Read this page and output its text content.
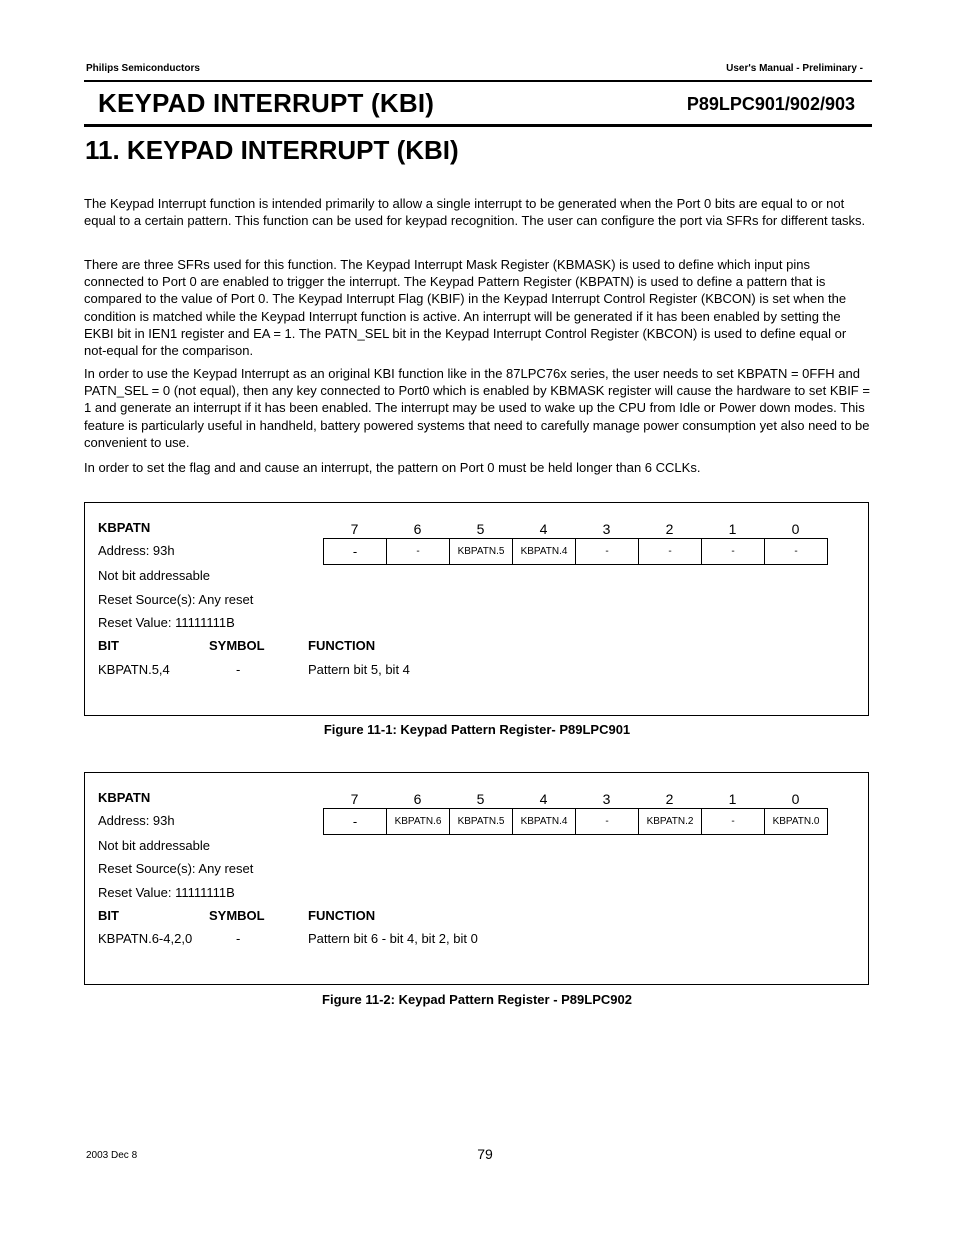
Philips Semiconductors	User's Manual - Preliminary -
KEYPAD INTERRUPT (KBI)	P89LPC901/902/903
11. KEYPAD INTERRUPT (KBI)

The Keypad Interrupt function is intended primarily to allow a single interrupt to be generated when the Port 0 bits are equal to or not equal to a certain pattern. This function can be used for keypad recognition. The user can configure the port via SFRs for different tasks.

There are three SFRs used for this function. The Keypad Interrupt Mask Register (KBMASK) is used to define which input pins connected to Port 0 are enabled to trigger the interrupt. The Keypad Pattern Register (KBPATN) is used to define a pattern that is compared to the value of Port 0. The Keypad Interrupt Flag (KBIF) in the Keypad Interrupt Control Register (KBCON) is set when the condition is matched while the Keypad Interrupt function is active. An interrupt will be generated if it has been enabled by setting the EKBI bit in IEN1 register and EA = 1. The PATN_SEL bit in the Keypad Interrupt Control Register (KBCON) is used to define equal or not-equal for the comparison.

In order to use the Keypad Interrupt as an original KBI function like in the 87LPC76x series, the user needs to set KBPATN = 0FFH and PATN_SEL = 0 (not equal), then any key connected to Port0 which is enabled by KBMASK register will cause the hardware to set KBIF = 1 and generate an interrupt if it has been enabled. The interrupt may be used to wake up the CPU from Idle or Power down modes. This feature is particularly useful in handheld, battery powered systems that need to carefully manage power consumption yet also need to be convenient to use.

In order to set the flag and and cause an interrupt, the pattern on Port 0 must be held longer than 6 CCLKs.

KBPATN
Address: 93h
Not bit addressable
Reset Source(s): Any reset
Reset Value: 11111111B
BIT	SYMBOL	FUNCTION
KBPATN.5,4	-	Pattern bit 5, bit 4
7	6	5	4	3	2	1	0
-	-	KBPATN.5	KBPATN.4	-	-	-	-
Figure 11-1: Keypad Pattern Register- P89LPC901
KBPATN
Address: 93h
Not bit addressable
Reset Source(s): Any reset
Reset Value: 11111111B
BIT	SYMBOL	FUNCTION
KBPATN.6-4,2,0	-	Pattern bit 6 - bit 4, bit 2, bit 0
7	6	5	4	3	2	1	0
-	KBPATN.6	KBPATN.5	KBPATN.4	-	KBPATN.2	-	KBPATN.0
Figure 11-2: Keypad Pattern Register - P89LPC902
2003 Dec 8	79
